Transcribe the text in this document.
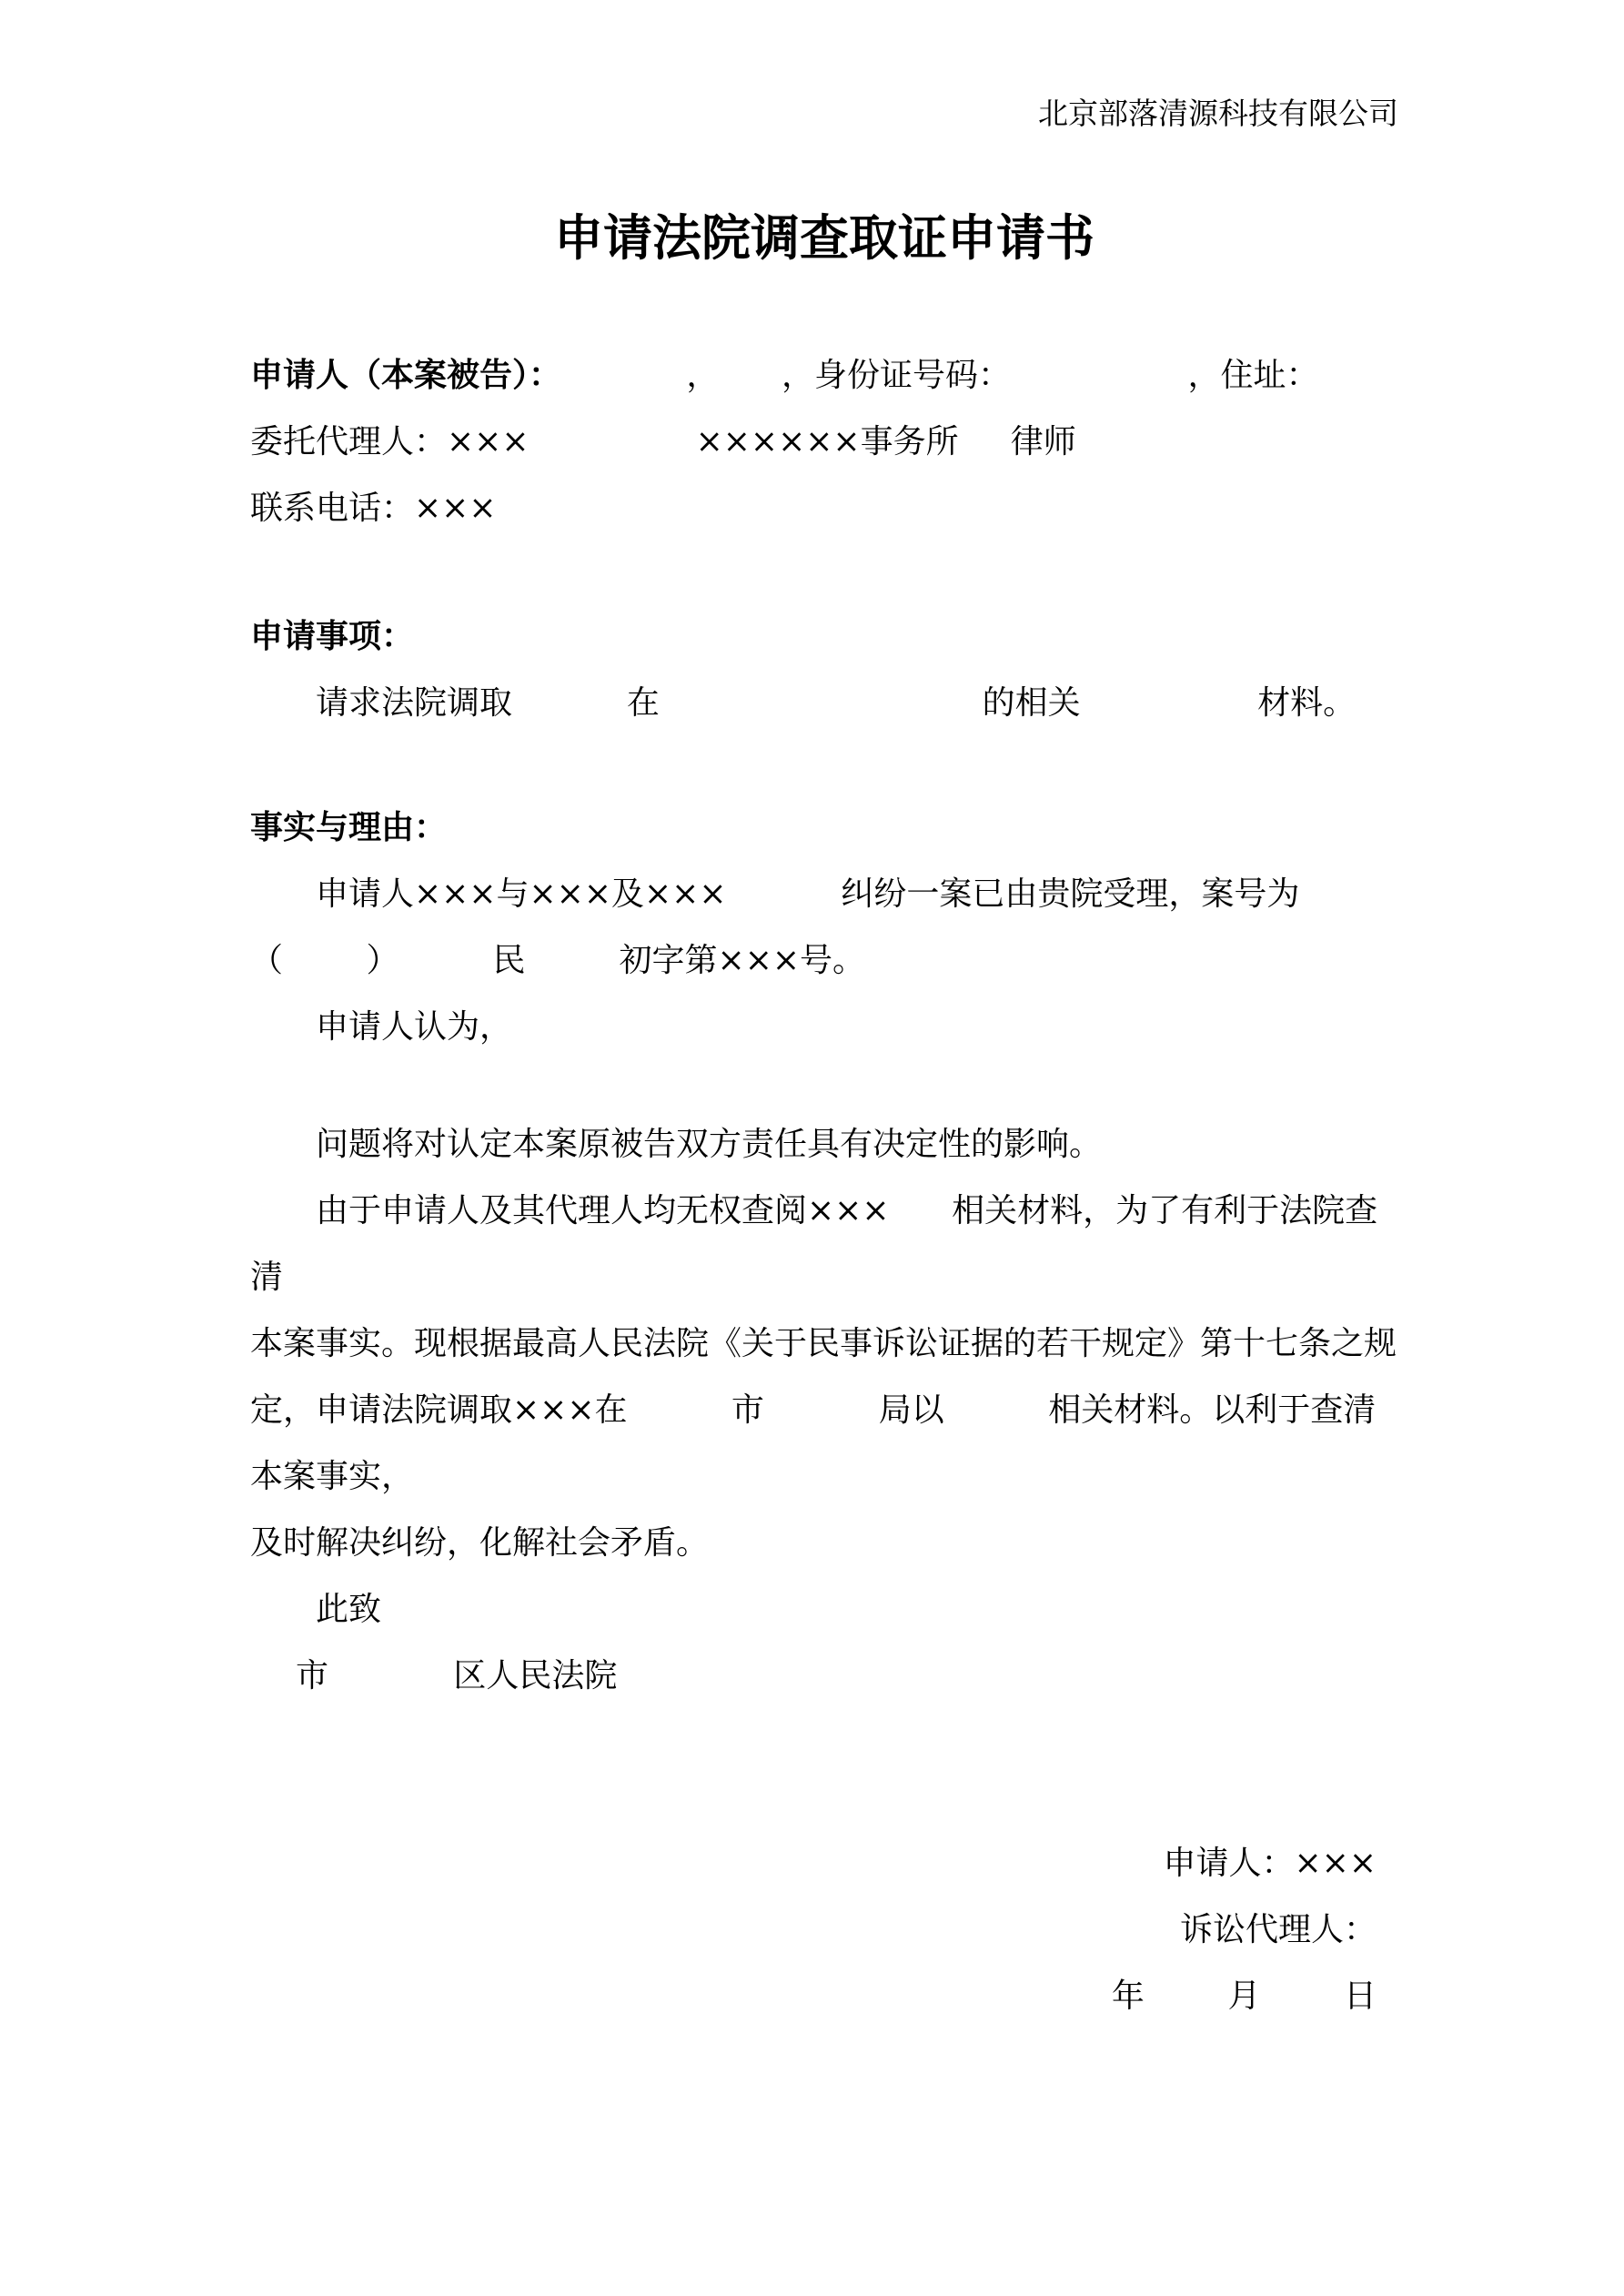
北京部落清源科技有限公司
申请法院调查取证申请书

申请人（本案被告）：            ，      ，身份证号码：                 ，住址：

委托代理人：×××                ××××××事务所     律师

联系电话：×××

申请事项：

请求法院调取           在                               的相关                 材料。

事实与理由：

申请人×××与×××及×××           纠纷一案已由贵院受理，案号为

（        ）         民         初字第×××号。

申请人认为，

问题将对认定本案原被告双方责任具有决定性的影响。

由于申请人及其代理人均无权查阅×××      相关材料，为了有利于法院查清

本案事实。现根据最高人民法院《关于民事诉讼证据的若干规定》第十七条之规

定，申请法院调取×××在          市           局以          相关材料。以利于查清本案事实，

及时解决纠纷，化解社会矛盾。

此致

市            区人民法院

申请人：×××

诉讼代理人：

年        月        日
